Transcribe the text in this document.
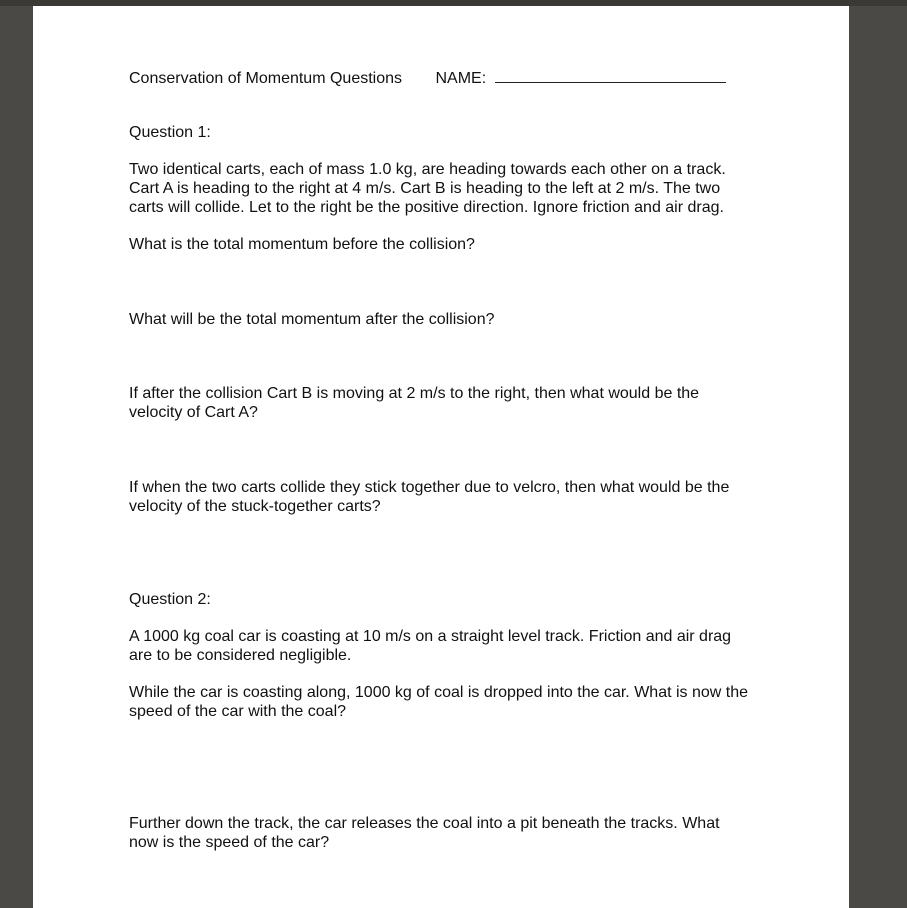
Conservation of Momentum Questions NAME:

Question 1:

Two identical carts, each of mass 1.0 kg, are heading towards each other on a track.

Cart A is heading to the right at 4 m/s. Cart B is heading to the left at 2 m/s. The two

carts will collide. Let to the right be the positive direction. Ignore friction and air drag.

What is the total momentum before the collision?

What will be the total momentum after the collision?

If after the collision Cart B is moving at 2 m/s to the right, then what would be the

velocity of Cart A?

If when the two carts collide they stick together due to velcro, then what would be the

velocity of the stuck-together carts?

Question 2:

A 1000 kg coal car is coasting at 10 m/s on a straight level track. Friction and air drag

are to be considered negligible.

While the car is coasting along, 1000 kg of coal is dropped into the car. What is now the

speed of the car with the coal?

Further down the track, the car releases the coal into a pit beneath the tracks. What

now is the speed of the car?
